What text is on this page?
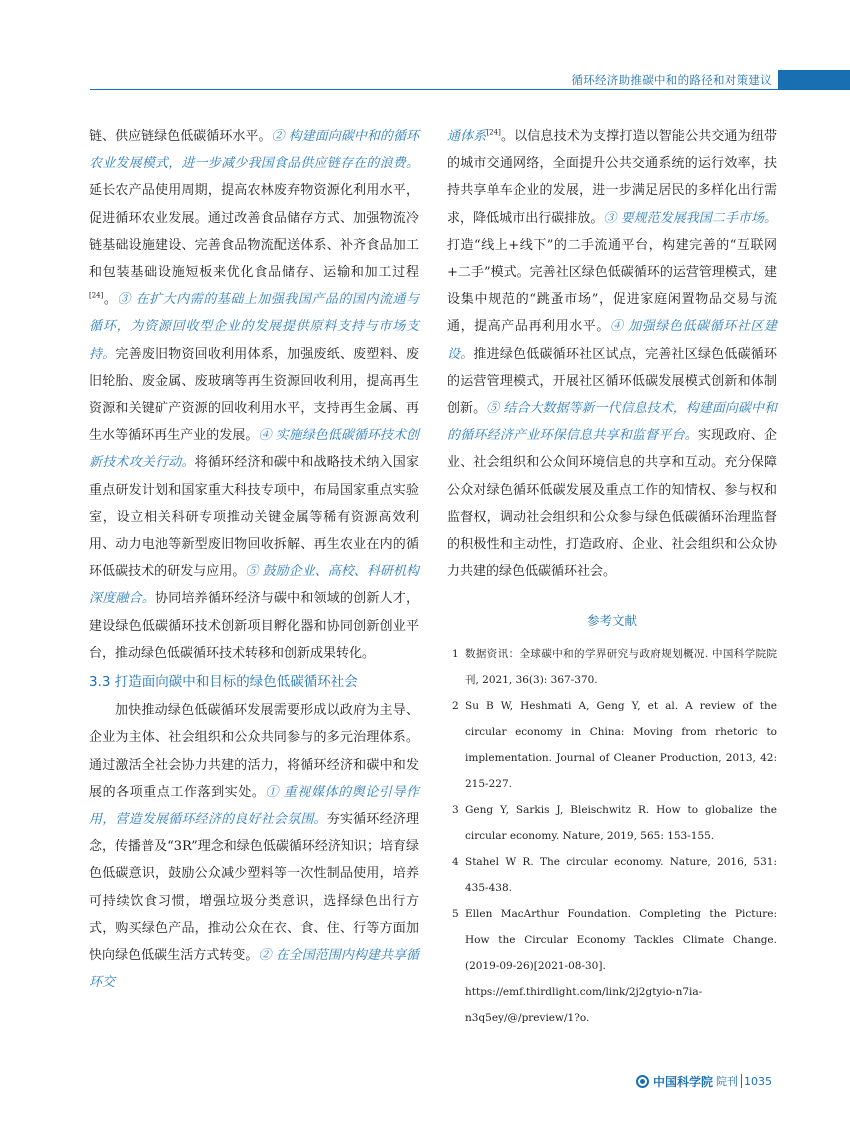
循环经济助推碳中和的路径和对策建议

链、供应链绿色低碳循环水平。② 构建面向碳中和的循环农业发展模式，进一步减少我国食品供应链存在的浪费。延长农产品使用周期，提高农林废弃物资源化利用水平，促进循环农业发展。通过改善食品储存方式、加强物流冷链基础设施建设、完善食品物流配送体系、补齐食品加工和包装基础设施短板来优化食品储存、运输和加工过程[24]。③ 在扩大内需的基础上加强我国产品的国内流通与循环，为资源回收型企业的发展提供原料支持与市场支持。完善废旧物资回收利用体系，加强废纸、废塑料、废旧轮胎、废金属、废玻璃等再生资源回收利用，提高再生资源和关键矿产资源的回收利用水平，支持再生金属、再生水等循环再生产业的发展。④ 实施绿色低碳循环技术创新技术攻关行动。将循环经济和碳中和战略技术纳入国家重点研发计划和国家重大科技专项中，布局国家重点实验室，设立相关科研专项推动关键金属等稀有资源高效利用、动力电池等新型废旧物回收拆解、再生农业在内的循环低碳技术的研发与应用。⑤ 鼓励企业、高校、科研机构深度融合。协同培养循环经济与碳中和领域的创新人才，建设绿色低碳循环技术创新项目孵化器和协同创新创业平台，推动绿色低碳循环技术转移和创新成果转化。

3.3 打造面向碳中和目标的绿色低碳循环社会

加快推动绿色低碳循环发展需要形成以政府为主导、企业为主体、社会组织和公众共同参与的多元治理体系。通过激活全社会协力共建的活力，将循环经济和碳中和发展的各项重点工作落到实处。① 重视媒体的舆论引导作用，营造发展循环经济的良好社会氛围。夯实循环经济理念，传播普及“3R”理念和绿色低碳循环经济知识；培育绿色低碳意识，鼓励公众减少塑料等一次性制品使用，培养可持续饮食习惯，增强垃圾分类意识，选择绿色出行方式，购买绿色产品，推动公众在衣、食、住、行等方面加快向绿色低碳生活方式转变。② 在全国范围内构建共享循环交

通体系[24]。以信息技术为支撑打造以智能公共交通为纽带的城市交通网络，全面提升公共交通系统的运行效率，扶持共享单车企业的发展，进一步满足居民的多样化出行需求，降低城市出行碳排放。③ 要规范发展我国二手市场。打造“线上+线下”的二手流通平台，构建完善的“互联网+二手”模式。完善社区绿色低碳循环的运营管理模式，建设集中规范的“跳蚤市场”，促进家庭闲置物品交易与流通，提高产品再利用水平。④ 加强绿色低碳循环社区建设。推进绿色低碳循环社区试点，完善社区绿色低碳循环的运营管理模式，开展社区循环低碳发展模式创新和体制创新。⑤ 结合大数据等新一代信息技术，构建面向碳中和的循环经济产业环保信息共享和监督平台。实现政府、企业、社会组织和公众间环境信息的共享和互动。充分保障公众对绿色循环低碳发展及重点工作的知情权、参与权和监督权，调动社会组织和公众参与绿色低碳循环治理监督的积极性和主动性，打造政府、企业、社会组织和公众协力共建的绿色低碳循环社会。

参考文献
1 数据资讯：全球碳中和的学界研究与政府规划概况. 中国科学院院刊, 2021, 36(3): 367-370.
2 Su B W, Heshmati A, Geng Y, et al. A review of the circular economy in China: Moving from rhetoric to implementation. Journal of Cleaner Production, 2013, 42: 215-227.
3 Geng Y, Sarkis J, Bleischwitz R. How to globalize the circular economy. Nature, 2019, 565: 153-155.
4 Stahel W R. The circular economy. Nature, 2016, 531: 435-438.
5 Ellen MacArthur Foundation. Completing the Picture: How the Circular Economy Tackles Climate Change. (2019-09-26)[2021-08-30]. https://emf.thirdlight.com/link/2j2gtyio-n7ia-n3q5ey/@/preview/1?o.
中国科学院 院刊 1035
